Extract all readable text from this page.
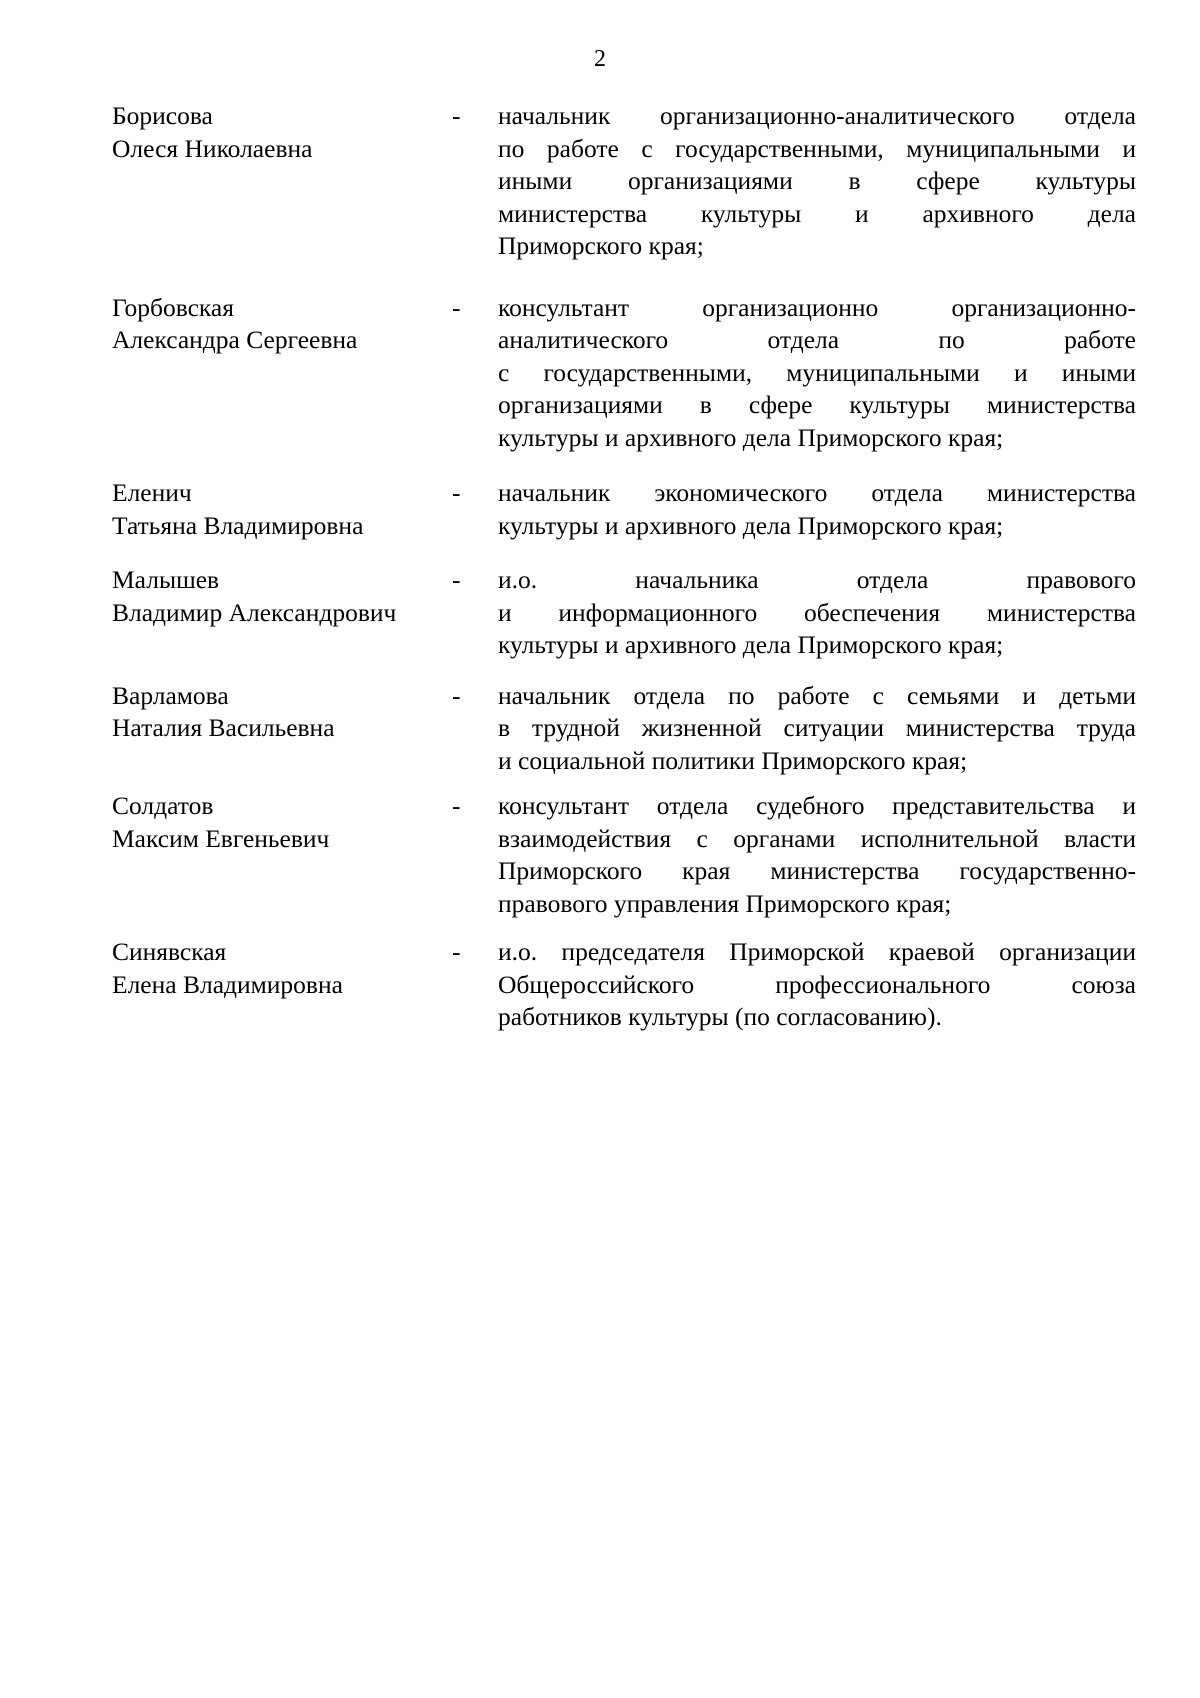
2
Борисова
Олеся Николаевна
-	начальник организационно-аналитического отдела
по работе с государственными, муниципальными и
иными организациями в сфере культуры
министерства культуры и архивного дела
Приморского края;
Горбовская
Александра Сергеевна
-	консультант организационно организационно-
аналитического отдела по работе
с государственными, муниципальными и иными
организациями в сфере культуры министерства
культуры и архивного дела Приморского края;
Еленич
Татьяна Владимировна
-	начальник экономического отдела министерства
культуры и архивного дела Приморского края;
Малышев
Владимир Александрович
-	и.о. начальника отдела правового
и информационного обеспечения министерства
культуры и архивного дела Приморского края;
Варламова
Наталия Васильевна
-	начальник отдела по работе с семьями и детьми
в трудной жизненной ситуации министерства труда
и социальной политики Приморского края;
Солдатов
Максим Евгеньевич
-	консультант отдела судебного представительства и
взаимодействия с органами исполнительной власти
Приморского края министерства государственно-
правового управления Приморского края;
Синявская
Елена Владимировна
-	и.о. председателя Приморской краевой организации
Общероссийского профессионального союза
работников культуры (по согласованию).
